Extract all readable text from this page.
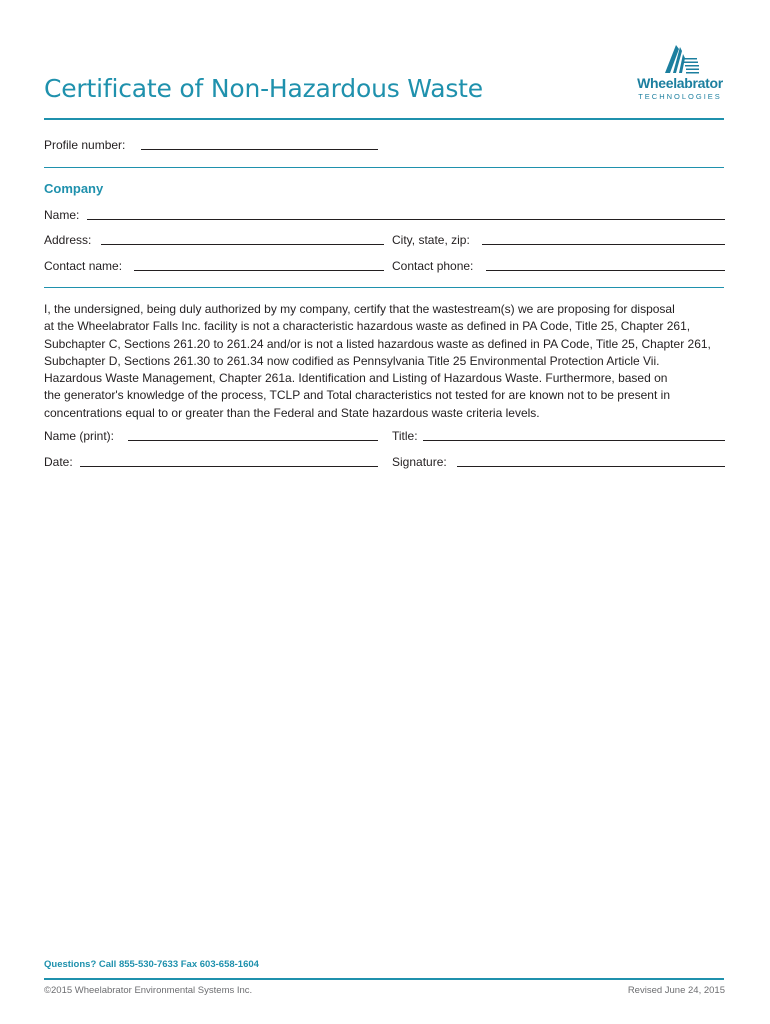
Certificate of Non-Hazardous Waste	Wheelabrator
TECHNOLOGIES
Profile number:
Company
Name:
Address:	City, state, zip:
Contact name:	Contact phone:
I, the undersigned, being duly authorized by my company, certify that the wastestream(s) we are proposing for disposal
at the Wheelabrator Falls Inc. facility is not a characteristic hazardous waste as defined in PA Code, Title 25, Chapter 261,
Subchapter C, Sections 261.20 to 261.24 and/or is not a listed hazardous waste as defined in PA Code, Title 25, Chapter 261,
Subchapter D, Sections 261.30 to 261.34 now codified as Pennsylvania Title 25 Environmental Protection Article Vii.
Hazardous Waste Management, Chapter 261a. Identification and Listing of Hazardous Waste. Furthermore, based on
the generator's knowledge of the process, TCLP and Total characteristics not tested for are known not to be present in
concentrations equal to or greater than the Federal and State hazardous waste criteria levels.
Name (print):	Title:
Date:	Signature:
Questions? Call 855-530-7633 Fax 603-658-1604
©2015 Wheelabrator Environmental Systems Inc.	Revised June 24, 2015
